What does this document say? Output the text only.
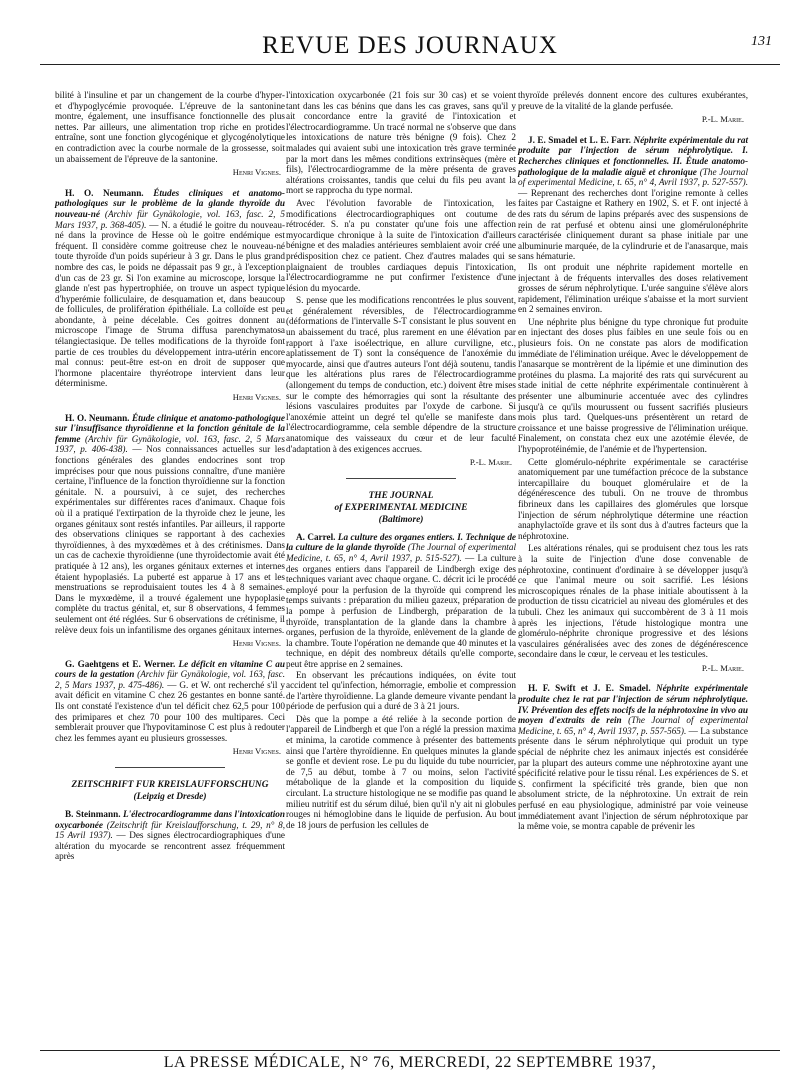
REVUE DES JOURNAUX	131

bilité à l'insuline et par un changement de la courbe d'hyper- et d'hypoglycémie provoquée. L'épreuve de la santonine montre, également, une insuffisance fonctionnelle des plus nettes. Par ailleurs, une alimentation trop riche en protides entraîne, sont une fonction glycogénique et glycogénolytique en contradiction avec la courbe normale de la grossesse, soit un abaissement de l'épreuve de la santonine.

Henri Vignes.

H. O. Neumann. Études cliniques et anatomo-pathologiques sur le problème de la glande thyroïde du nouveau-né (Archiv für Gynäkologie, vol. 163, fasc. 2, 5 Mars 1937, p. 368-405). — N. a étudié le goitre du nouveau-né dans la province de Hesse où le goitre endémique est fréquent. Il considère comme goitreuse chez le nouveau-né toute thyroïde d'un poids supérieur à 3 gr. Dans le plus grand nombre des cas, le poids ne dépassait pas 9 gr., à l'exception d'un cas de 23 gr. Si l'on examine au microscope, lorsque la glande n'est pas hypertrophiée, on trouve un aspect typique d'hyperémie folliculaire, de desquamation et, dans beaucoup de follicules, de prolifération épithéliale. La colloïde est peu abondante, à peine décelable. Ces goitres donnent au microscope l'image de Struma diffusa parenchymatosa télangiectasique. De telles modifications de la thyroïde font partie de ces troubles du développement intra-utérin encore mal connus: peut-être est-on en droit de supposer que l'hormone placentaire thyréotrope intervient dans leur déterminisme.

Henri Vignes.

H. O. Neumann. Étude clinique et anatomo-pathologique sur l'insuffisance thyroïdienne et la fonction génitale de la femme (Archiv für Gynäkologie, vol. 163, fasc. 2, 5 Mars 1937, p. 406-438). — Nos connaissances actuelles sur les fonctions générales des glandes endocrines sont trop imprécises pour que nous puissions connaître, d'une manière certaine, l'influence de la fonction thyroïdienne sur la fonction génitale. N. a poursuivi, à ce sujet, des recherches expérimentales sur différentes races d'animaux. Chaque fois où il a pratiqué l'extirpation de la thyroïde chez le jeune, les organes génitaux sont restés infantiles. Par ailleurs, il rapporte des observations cliniques se rapportant à des cachexies thyroïdiennes, à des myxœdèmes et à des crétinismes. Dans un cas de cachexie thyroïdienne (une thyroïdectomie avait été pratiquée à 12 ans), les organes génitaux externes et internes étaient hypoplasiés. La puberté est apparue à 17 ans et les menstruations se reproduisaient toutes les 4 à 8 semaines. Dans le myxœdème, il a trouvé également une hypoplasie complète du tractus génital, et, sur 8 observations, 4 femmes seulement ont été réglées. Sur 6 observations de crétinisme, il relève deux fois un infantilisme des organes génitaux internes.

Henri Vignes.

G. Gaehtgens et E. Werner. Le déficit en vitamine C au cours de la gestation (Archiv für Gynäkologie, vol. 163, fasc. 2, 5 Mars 1937, p. 475-486). — G. et W. ont recherché s'il y avait déficit en vitamine C chez 26 gestantes en bonne santé. Ils ont constaté l'existence d'un tel déficit chez 62,5 pour 100 des primipares et chez 70 pour 100 des multipares. Ceci semblerait prouver que l'hypovitaminose C est plus à redouter chez les femmes ayant eu plusieurs grossesses.

Henri Vignes.
ZEITSCHRIFT FUR KREISLAUFFORSCHUNG
(Leipzig et Dresde)

B. Steinmann. L'électrocardiogramme dans l'intoxication oxycarbonée (Zeitschrift für Kreislaufforschung, t. 29, n° 8, 15 Avril 1937). — Des signes électrocardiographiques d'une altération du myocarde se rencontrent assez fréquemment après

l'intoxication oxycarbonée (21 fois sur 30 cas) et se voient tant dans les cas bénins que dans les cas graves, sans qu'il y ait concordance entre la gravité de l'intoxication et l'électrocardiogramme. Un tracé normal ne s'observe que dans les intoxications de nature très bénigne (9 fois). Chez 2 malades qui avaient subi une intoxication très grave terminée par la mort dans les mêmes conditions extrinsèques (mère et fils), l'électrocardiogramme de la mère présenta de graves altérations croissantes, tandis que celui du fils peu avant la mort se rapprocha du type normal.

Avec l'évolution favorable de l'intoxication, les modifications électrocardiographiques ont coutume de rétrocéder. S. n'a pu constater qu'une fois une affection myocardique chronique à la suite de l'intoxication d'ailleurs bénigne et des maladies antérieures semblaient avoir créé une prédisposition chez ce patient. Chez d'autres malades qui se plaignaient de troubles cardiaques depuis l'intoxication, l'électrocardiogramme ne put confirmer l'existence d'une lésion du myocarde.

S. pense que les modifications rencontrées le plus souvent, et généralement réversibles, de l'électrocardiogramme (déformations de l'intervalle S-T consistant le plus souvent en un abaissement du tracé, plus rarement en une élévation par rapport à l'axe isoélectrique, en allure curviligne, etc., aplatissement de T) sont la conséquence de l'anoxémie du myocarde, ainsi que d'autres auteurs l'ont déjà soutenu, tandis que les altérations plus rares de l'électrocardiogramme (allongement du temps de conduction, etc.) doivent être mises sur le compte des hémorragies qui sont la résultante des lésions vasculaires produites par l'oxyde de carbone. Si l'anoxémie atteint un degré tel qu'elle se manifeste dans l'électrocardiogramme, cela semble dépendre de la structure anatomique des vaisseaux du cœur et de leur faculté d'adaptation à des exigences accrues.

P.-L. Marie.
THE JOURNAL
of EXPERIMENTAL MEDICINE
(Baltimore)

A. Carrel. La culture des organes entiers. I. Technique de la culture de la glande thyroïde (The Journal of experimental Medicine, t. 65, n° 4, Avril 1937, p. 515-527). — La culture des organes entiers dans l'appareil de Lindbergh exige des techniques variant avec chaque organe. C. décrit ici le procédé employé pour la perfusion de la thyroïde qui comprend les temps suivants : préparation du milieu gazeux, préparation de la pompe à perfusion de Lindbergh, préparation de la thyroïde, transplantation de la glande dans la chambre à organes, perfusion de la thyroïde, enlèvement de la glande de la chambre. Toute l'opération ne demande que 40 minutes et la technique, en dépit des nombreux détails qu'elle comporte, peut être apprise en 2 semaines.

En observant les précautions indiquées, on évite tout accident tel qu'infection, hémorragie, embolie et compression de l'artère thyroïdienne. La glande demeure vivante pendant la période de perfusion qui a duré de 3 à 21 jours.

Dès que la pompe a été reliée à la seconde portion de l'appareil de Lindbergh et que l'on a réglé la pression maxima et minima, la carotide commence à présenter des battements ainsi que l'artère thyroïdienne. En quelques minutes la glande se gonfle et devient rose. Le pu du liquide du tube nourricier, de 7,5 au début, tombe à 7 ou moins, selon l'activité métabolique de la glande et la composition du liquide circulant. La structure histologique ne se modifie pas quand le milieu nutritif est du sérum dilué, bien qu'il n'y ait ni globules rouges ni hémoglobine dans le liquide de perfusion. Au bout de 18 jours de perfusion les cellules de

thyroïde prélevés donnent encore des cultures exubérantes, preuve de la vitalité de la glande perfusée.

P.-L. Marie.

J. E. Smadel et L. E. Farr. Néphrite expérimentale du rat produite par l'injection de sérum néphrolytique. I. Recherches cliniques et fonctionnelles. II. Étude anatomo-pathologique de la maladie aiguë et chronique (The Journal of experimental Medicine, t. 65, n° 4, Avril 1937, p. 527-557). — Reprenant des recherches dont l'origine remonte à celles faites par Castaigne et Rathery en 1902, S. et F. ont injecté à des rats du sérum de lapins préparés avec des suspensions de rein de rat perfusé et obtenu ainsi une glomérulonéphrite caractérisée cliniquement durant sa phase initiale par une albuminurie marquée, de la cylindrurie et de l'anasarque, mais sans hématurie.

Ils ont produit une néphrite rapidement mortelle en injectant à de fréquents intervalles des doses relativement grosses de sérum néphrolytique. L'urée sanguine s'élève alors rapidement, l'élimination uréique s'abaisse et la mort survient en 2 semaines environ.

Une néphrite plus bénigne du type chronique fut produite en injectant des doses plus faibles en une seule fois ou en plusieurs fois. On ne constate pas alors de modification immédiate de l'élimination uréique. Avec le développement de l'anasarque se montrèrent de la lipémie et une diminution des protéines du plasma. La majorité des rats qui survécurent au stade initial de cette néphrite expérimentale continuèrent à présenter une albuminurie accentuée avec des cylindres jusqu'à ce qu'ils mourussent ou fussent sacrifiés plusieurs mois plus tard. Quelques-uns présentèrent un retard de croissance et une baisse progressive de l'élimination uréique. Finalement, on constata chez eux une azotémie élevée, de l'hypoprotéinémie, de l'anémie et de l'hypertension.

Cette glomérulo-néphrite expérimentale se caractérise anatomiquement par une tuméfaction précoce de la substance intercapillaire du bouquet glomérulaire et de la dégénérescence des tubuli. On ne trouve de thrombus fibrineux dans les capillaires des glomérules que lorsque l'injection de sérum néphrolytique détermine une réaction anaphylactoïde grave et ils sont dus à d'autres facteurs que la néphrotoxine.

Les altérations rénales, qui se produisent chez tous les rats à la suite de l'injection d'une dose convenable de néphrotoxine, continuent d'ordinaire à se développer jusqu'à ce que l'animal meure ou soit sacrifié. Les lésions microscopiques rénales de la phase initiale aboutissent à la production de tissu cicatriciel au niveau des glomérules et des tubuli. Chez les animaux qui succombèrent de 3 à 11 mois après les injections, l'étude histologique montra une glomérulo-néphrite chronique progressive et des lésions vasculaires généralisées avec des zones de dégénérescence secondaire dans le cœur, le cerveau et les testicules.

P.-L. Marie.

H. F. Swift et J. E. Smadel. Néphrite expérimentale produite chez le rat par l'injection de sérum néphrolytique. IV. Prévention des effets nocifs de la néphrotoxine in vivo au moyen d'extraits de rein (The Journal of experimental Medicine, t. 65, n° 4, Avril 1937, p. 557-565). — La substance présente dans le sérum néphrolytique qui produit un type spécial de néphrite chez les animaux injectés est considérée par la plupart des auteurs comme une néphrotoxine ayant une spécificité relative pour le tissu rénal. Les expériences de S. et S. confirment la spécificité très grande, bien que non absolument stricte, de la néphrotoxine. Un extrait de rein perfusé en eau physiologique, administré par voie veineuse immédiatement avant l'injection de sérum néphrotoxique par la même voie, se montra capable de prévenir les

LA PRESSE MÉDICALE, N° 76, MERCREDI, 22 SEPTEMBRE 1937,
